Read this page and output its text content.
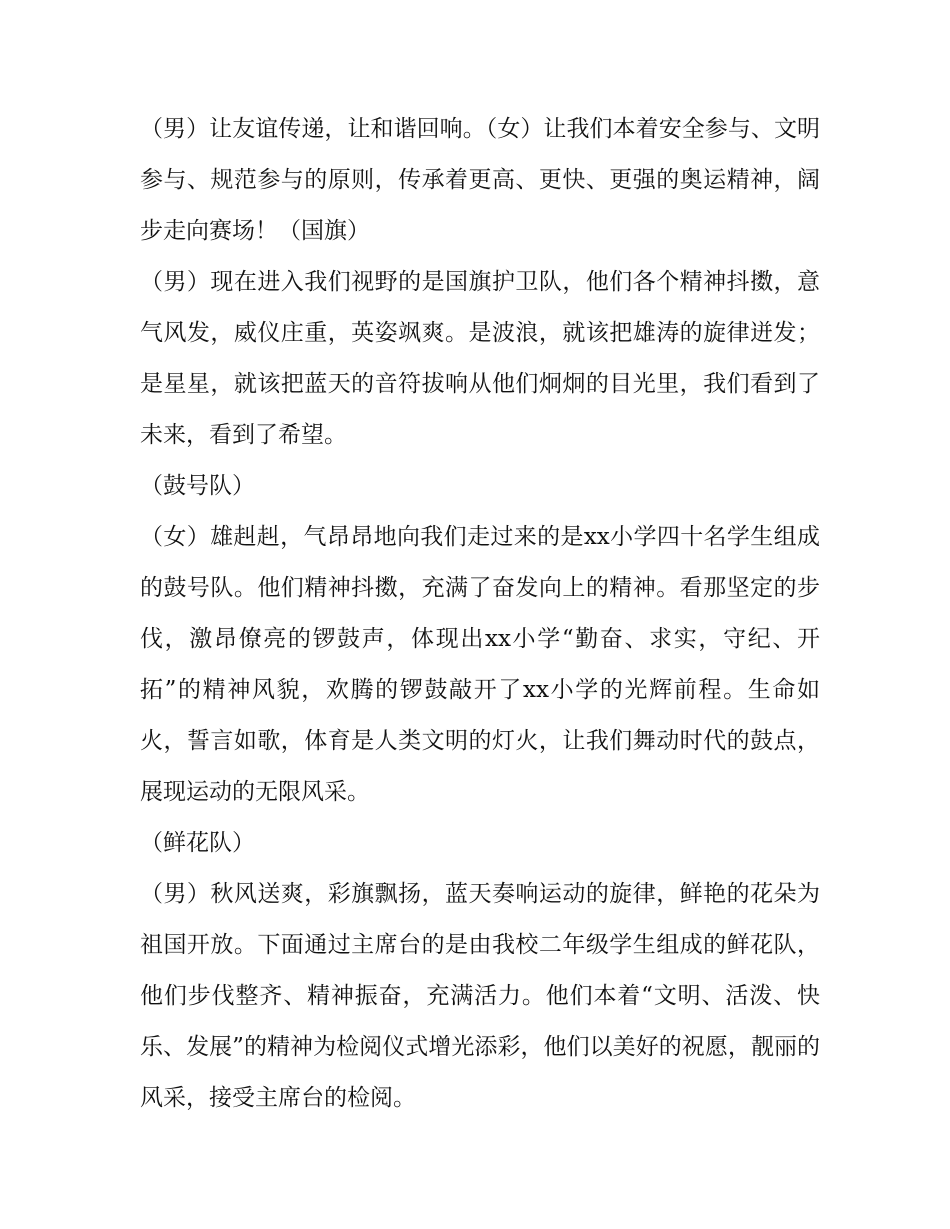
（男）让友谊传递，让和谐回响。（女）让我们本着安全参与、文明参与、规范参与的原则，传承着更高、更快、更强的奥运精神，阔步走向赛场！（国旗）

（男）现在进入我们视野的是国旗护卫队，他们各个精神抖擞，意气风发，威仪庄重，英姿飒爽。是波浪，就该把雄涛的旋律迸发；是星星，就该把蓝天的音符拔响从他们炯炯的目光里，我们看到了未来，看到了希望。

（鼓号队）

（女）雄赳赳，气昂昂地向我们走过来的是xx小学四十名学生组成的鼓号队。他们精神抖擞，充满了奋发向上的精神。看那坚定的步伐，激昂僚亮的锣鼓声，体现出xx小学“勤奋、求实，守纪、开拓”的精神风貌，欢腾的锣鼓敲开了xx小学的光辉前程。生命如火，誓言如歌，体育是人类文明的灯火，让我们舞动时代的鼓点，展现运动的无限风采。

（鲜花队）

（男）秋风送爽，彩旗飘扬，蓝天奏响运动的旋律，鲜艳的花朵为祖国开放。下面通过主席台的是由我校二年级学生组成的鲜花队，他们步伐整齐、精神振奋，充满活力。他们本着“文明、活泼、快乐、发展”的精神为检阅仪式增光添彩，他们以美好的祝愿，靓丽的风采，接受主席台的检阅。
